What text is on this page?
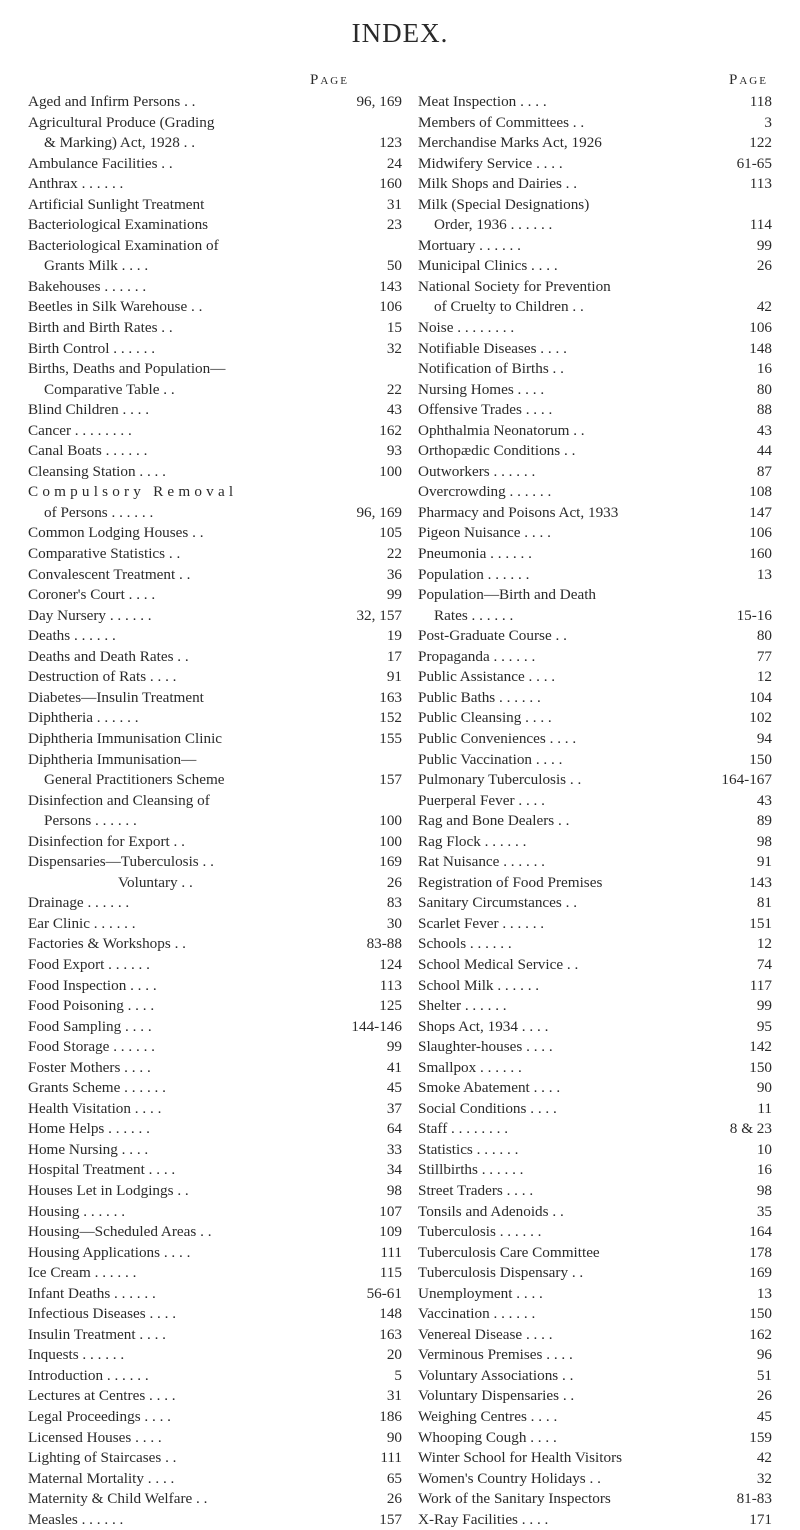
INDEX.
Page	Page
Aged and Infirm Persons . .	96, 169
Agricultural Produce (Grading
& Marking) Act, 1928 . .	123
Ambulance Facilities . .	24
Anthrax . . . . . .	160
Artificial Sunlight Treatment	31
Bacteriological Examinations	23
Bacteriological Examination of
Grants Milk . . . .	50
Bakehouses . . . . . .	143
Beetles in Silk Warehouse . .	106
Birth and Birth Rates . .	15
Birth Control . . . . . .	32
Births, Deaths and Population—
Comparative Table . .	22
Blind Children . . . .	43
Cancer . . . . . . . .	162
Canal Boats . . . . . .	93
Cleansing Station . . . .	100
Compulsory Removal
of Persons . . . . . .	96, 169
Common Lodging Houses . .	105
Comparative Statistics . .	22
Convalescent Treatment . .	36
Coroner's Court . . . .	99
Day Nursery . . . . . .	32, 157
Deaths . . . . . .	19
Deaths and Death Rates . .	17
Destruction of Rats . . . .	91
Diabetes—Insulin Treatment	163
Diphtheria . . . . . .	152
Diphtheria Immunisation Clinic	155
Diphtheria Immunisation—
General Practitioners Scheme	157
Disinfection and Cleansing of
Persons . . . . . .	100
Disinfection for Export . .	100
Dispensaries—Tuberculosis . .	169
Voluntary . .	26
Drainage . . . . . .	83
Ear Clinic . . . . . .	30
Factories & Workshops . .	83-88
Food Export . . . . . .	124
Food Inspection . . . .	113
Food Poisoning . . . .	125
Food Sampling . . . .	144-146
Food Storage . . . . . .	99
Foster Mothers . . . .	41
Grants Scheme . . . . . .	45
Health Visitation . . . .	37
Home Helps . . . . . .	64
Home Nursing . . . .	33
Hospital Treatment . . . .	34
Houses Let in Lodgings . .	98
Housing . . . . . .	107
Housing—Scheduled Areas . .	109
Housing Applications . . . .	111
Ice Cream . . . . . .	115
Infant Deaths . . . . . .	56-61
Infectious Diseases . . . .	148
Insulin Treatment . . . .	163
Inquests . . . . . .	20
Introduction . . . . . .	5
Lectures at Centres . . . .	31
Legal Proceedings . . . .	186
Licensed Houses . . . .	90
Lighting of Staircases . .	111
Maternal Mortality . . . .	65
Maternity & Child Welfare . .	26
Measles . . . . . .	157
Meat Inspection . . . .	118
Members of Committees . .	3
Merchandise Marks Act, 1926	122
Midwifery Service . . . .	61-65
Milk Shops and Dairies . .	113
Milk (Special Designations)
Order, 1936 . . . . . .	114
Mortuary . . . . . .	99
Municipal Clinics . . . .	26
National Society for Prevention
of Cruelty to Children . .	42
Noise . . . . . . . .	106
Notifiable Diseases . . . .	148
Notification of Births . .	16
Nursing Homes . . . .	80
Offensive Trades . . . .	88
Ophthalmia Neonatorum . .	43
Orthopædic Conditions . .	44
Outworkers . . . . . .	87
Overcrowding . . . . . .	108
Pharmacy and Poisons Act, 1933	147
Pigeon Nuisance . . . .	106
Pneumonia . . . . . .	160
Population . . . . . .	13
Population—Birth and Death
Rates . . . . . .	15-16
Post-Graduate Course . .	80
Propaganda . . . . . .	77
Public Assistance . . . .	12
Public Baths . . . . . .	104
Public Cleansing . . . .	102
Public Conveniences . . . .	94
Public Vaccination . . . .	150
Pulmonary Tuberculosis . .	164-167
Puerperal Fever . . . .	43
Rag and Bone Dealers . .	89
Rag Flock . . . . . .	98
Rat Nuisance . . . . . .	91
Registration of Food Premises	143
Sanitary Circumstances . .	81
Scarlet Fever . . . . . .	151
Schools . . . . . .	12
School Medical Service . .	74
School Milk . . . . . .	117
Shelter . . . . . .	99
Shops Act, 1934 . . . .	95
Slaughter-houses . . . .	142
Smallpox . . . . . .	150
Smoke Abatement . . . .	90
Social Conditions . . . .	11
Staff . . . . . . . .	8 & 23
Statistics . . . . . .	10
Stillbirths . . . . . .	16
Street Traders . . . .	98
Tonsils and Adenoids . .	35
Tuberculosis . . . . . .	164
Tuberculosis Care Committee	178
Tuberculosis Dispensary . .	169
Unemployment . . . .	13
Vaccination . . . . . .	150
Venereal Disease . . . .	162
Verminous Premises . . . .	96
Voluntary Associations . .	51
Voluntary Dispensaries . .	26
Weighing Centres . . . .	45
Whooping Cough . . . .	159
Winter School for Health Visitors	42
Women's Country Holidays . .	32
Work of the Sanitary Inspectors	81-83
X-Ray Facilities . . . .	171
